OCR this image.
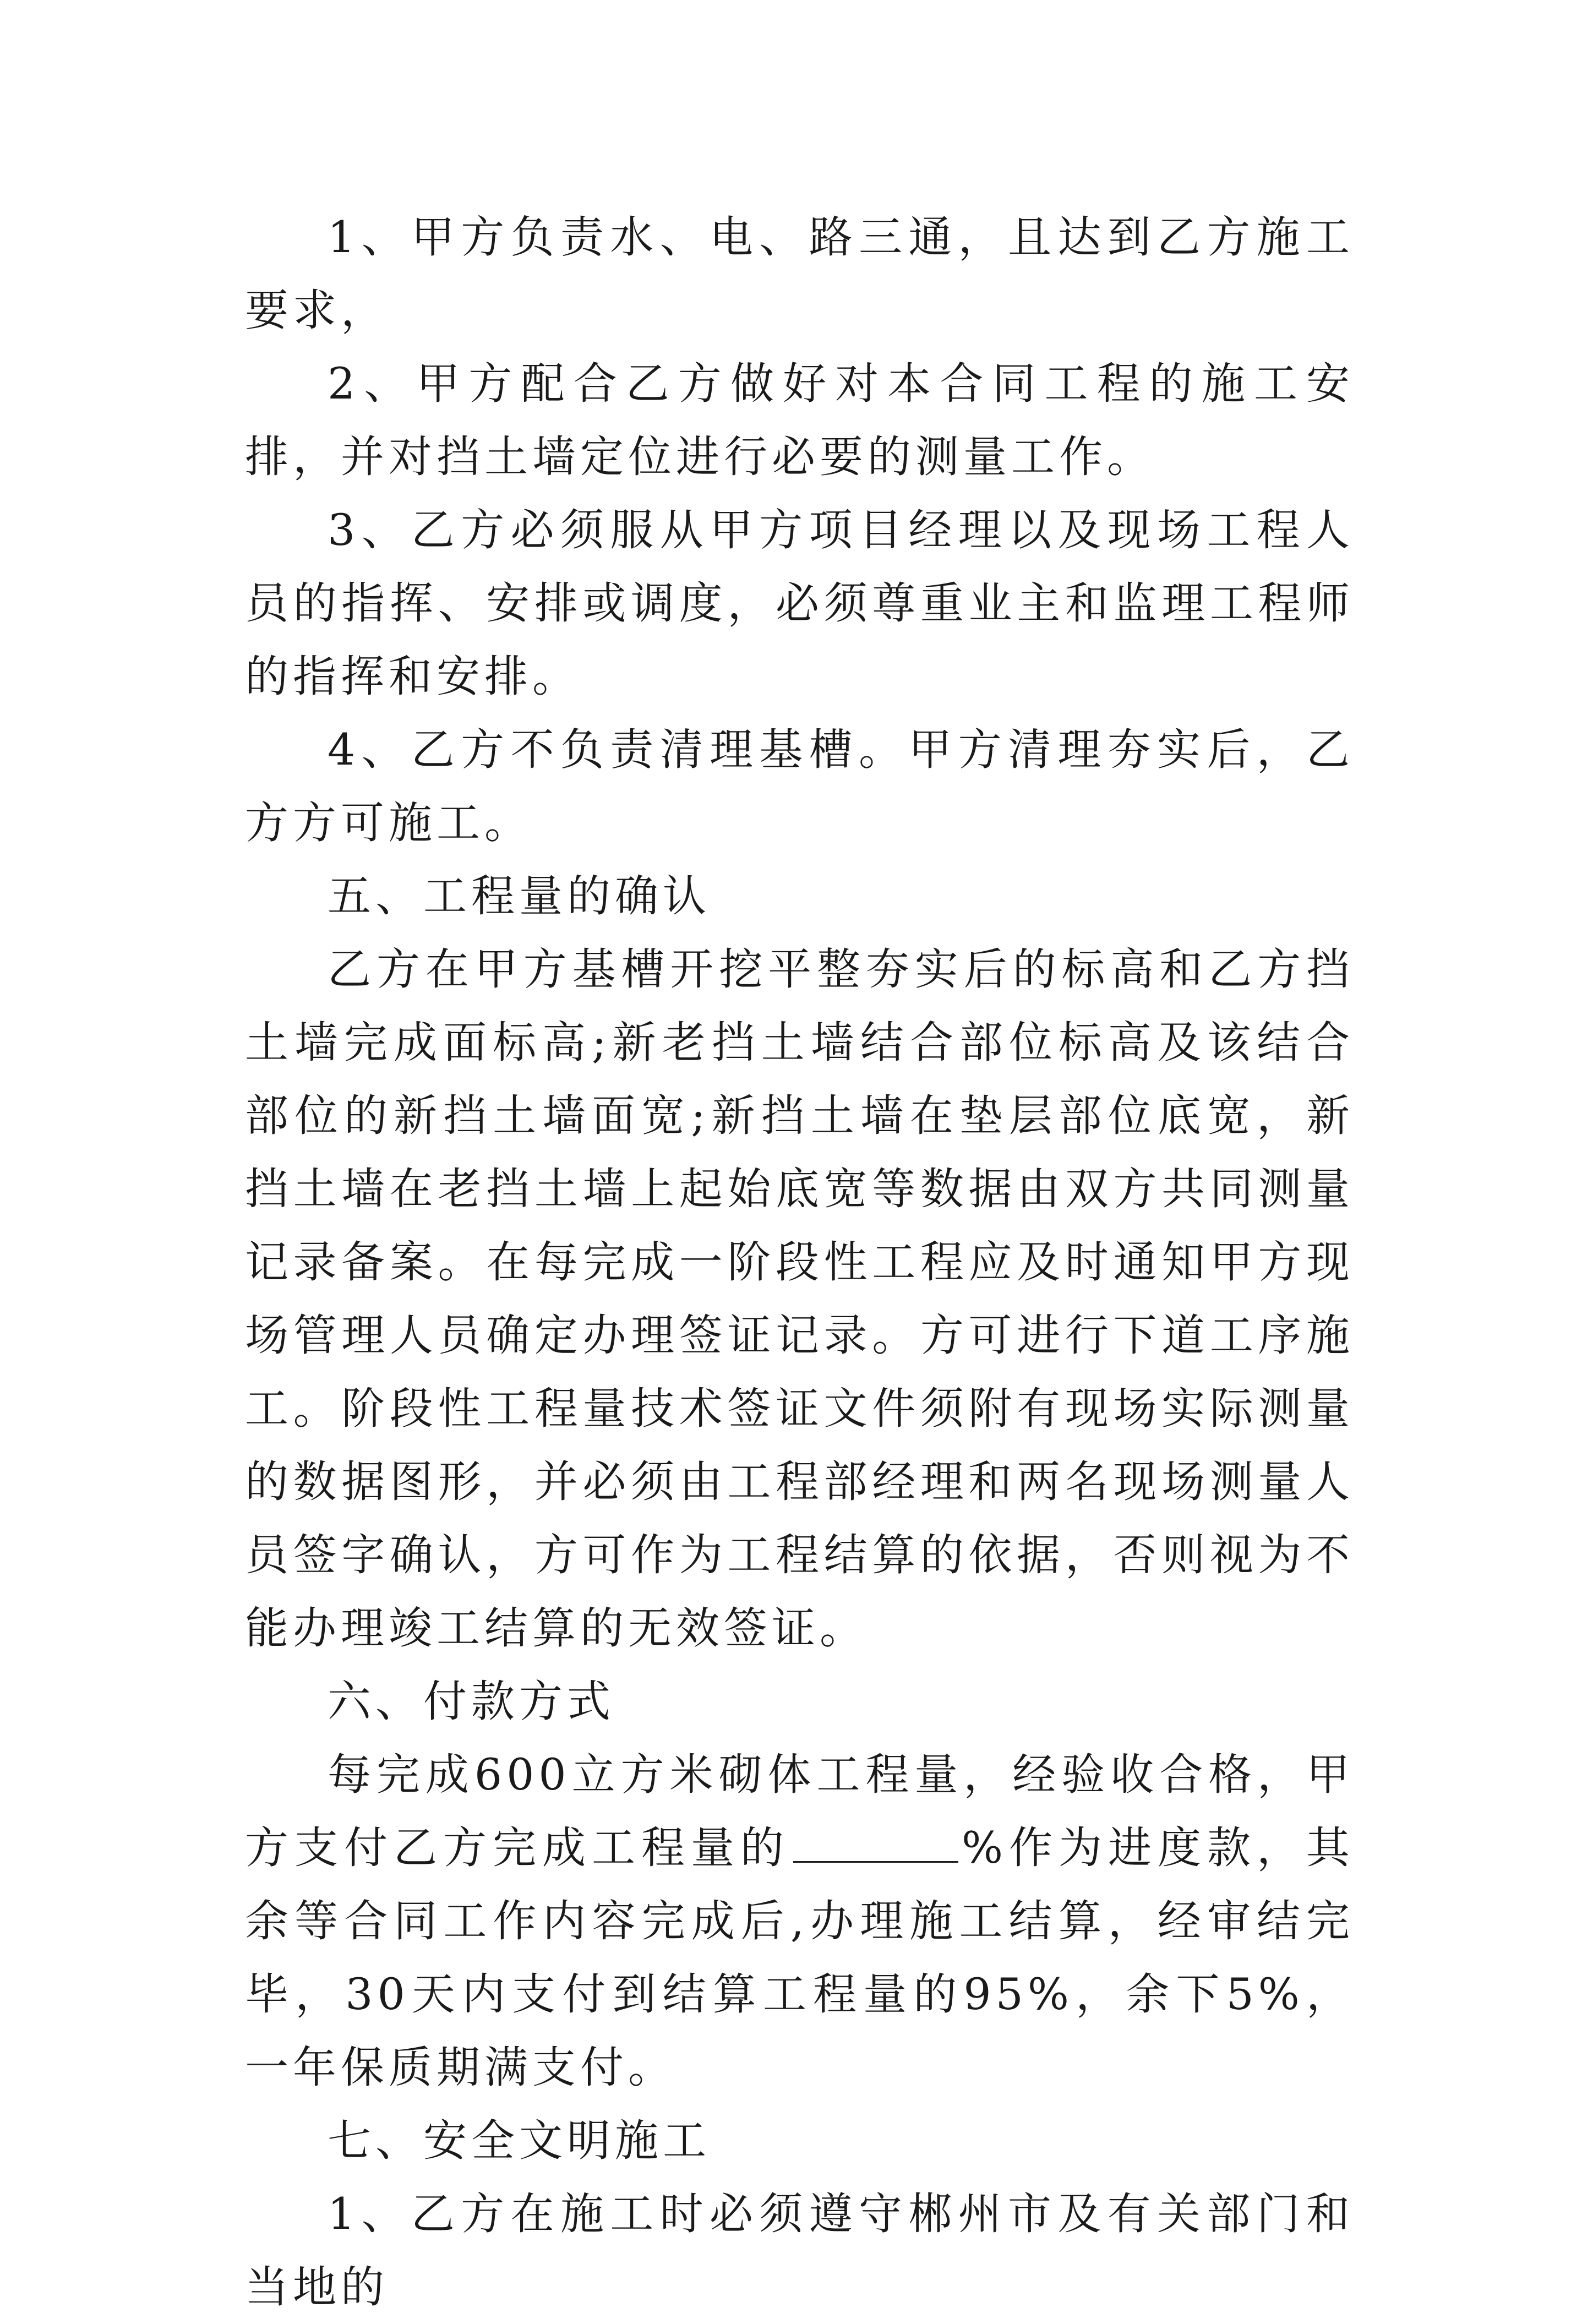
1、甲方负责水、电、路三通，且达到乙方施工要求，

2、甲方配合乙方做好对本合同工程的施工安排，并对挡土墙定位进行必要的测量工作。

3、乙方必须服从甲方项目经理以及现场工程人员的指挥、安排或调度，必须尊重业主和监理工程师的指挥和安排。

4、乙方不负责清理基槽。甲方清理夯实后，乙方方可施工。

五、工程量的确认

乙方在甲方基槽开挖平整夯实后的标高和乙方挡土墙完成面标高;新老挡土墙结合部位标高及该结合部位的新挡土墙面宽;新挡土墙在垫层部位底宽，新挡土墙在老挡土墙上起始底宽等数据由双方共同测量记录备案。在每完成一阶段性工程应及时通知甲方现场管理人员确定办理签证记录。方可进行下道工序施工。阶段性工程量技术签证文件须附有现场实际测量的数据图形，并必须由工程部经理和两名现场测量人员签字确认，方可作为工程结算的依据，否则视为不能办理竣工结算的无效签证。

六、付款方式

每完成600立方米砌体工程量，经验收合格，甲方支付乙方完成工程量的	%作为进度款，其余等合同工作内容完成后,办理施工结算，经审结完毕，30天内支付到结算工程量的95%，余下5%，一年保质期满支付。

七、安全文明施工

1、乙方在施工时必须遵守郴州市及有关部门和当地的
